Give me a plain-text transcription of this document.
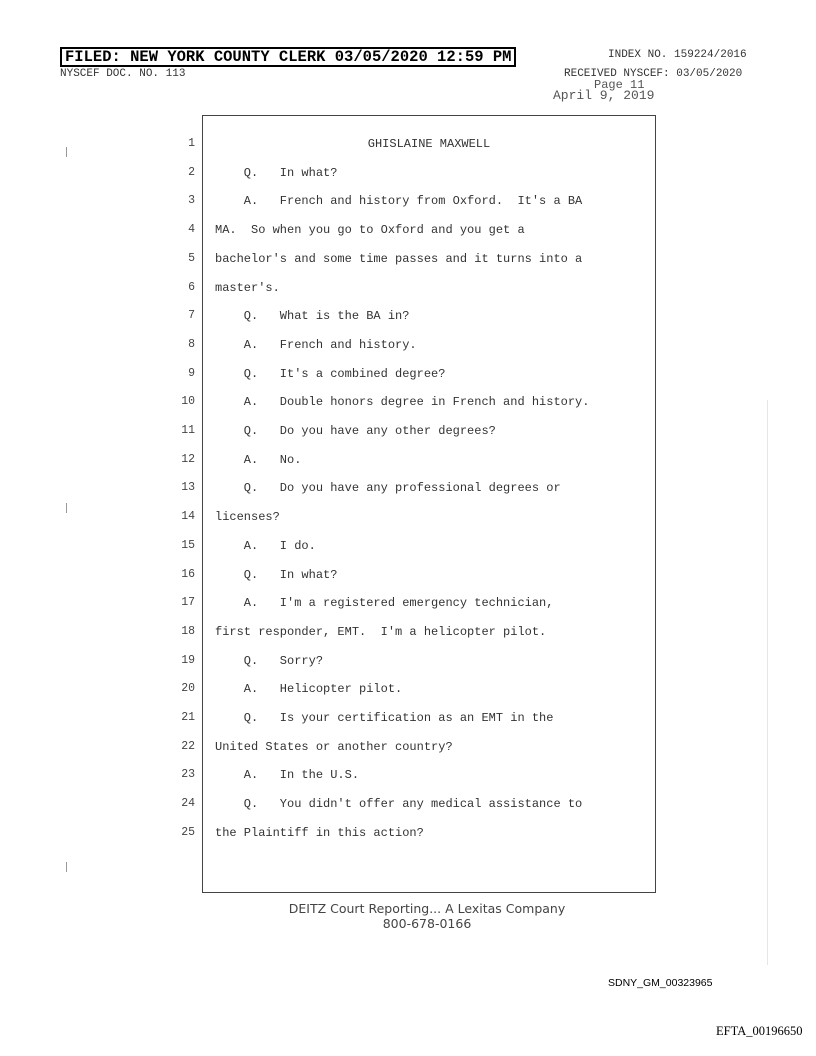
FILED: NEW YORK COUNTY CLERK 03/05/2020 12:59 PM
NYSCEF DOC. NO. 113
INDEX NO. 159224/2016
RECEIVED NYSCEF: 03/05/2020
Page 11
April 9, 2019
1	GHISLAINE MAXWELL
2 Q.   In what?
3 A.   French and history from Oxford.  It's a BA
4 MA.  So when you go to Oxford and you get a
5 bachelor's and some time passes and it turns into a
6 master's.
7 Q.   What is the BA in?
8 A.   French and history.
9 Q.   It's a combined degree?
10 A.   Double honors degree in French and history.
11 Q.   Do you have any other degrees?
12 A.   No.
13 Q.   Do you have any professional degrees or
14 licenses?
15 A.   I do.
16 Q.   In what?
17 A.   I'm a registered emergency technician,
18 first responder, EMT.  I'm a helicopter pilot.
19 Q.   Sorry?
20 A.   Helicopter pilot.
21 Q.   Is your certification as an EMT in the
22 United States or another country?
23 A.   In the U.S.
24 Q.   You didn't offer any medical assistance to
25 the Plaintiff in this action?
DEITZ Court Reporting... A Lexitas Company
800-678-0166
SDNY_GM_00323965
EFTA_00196650
